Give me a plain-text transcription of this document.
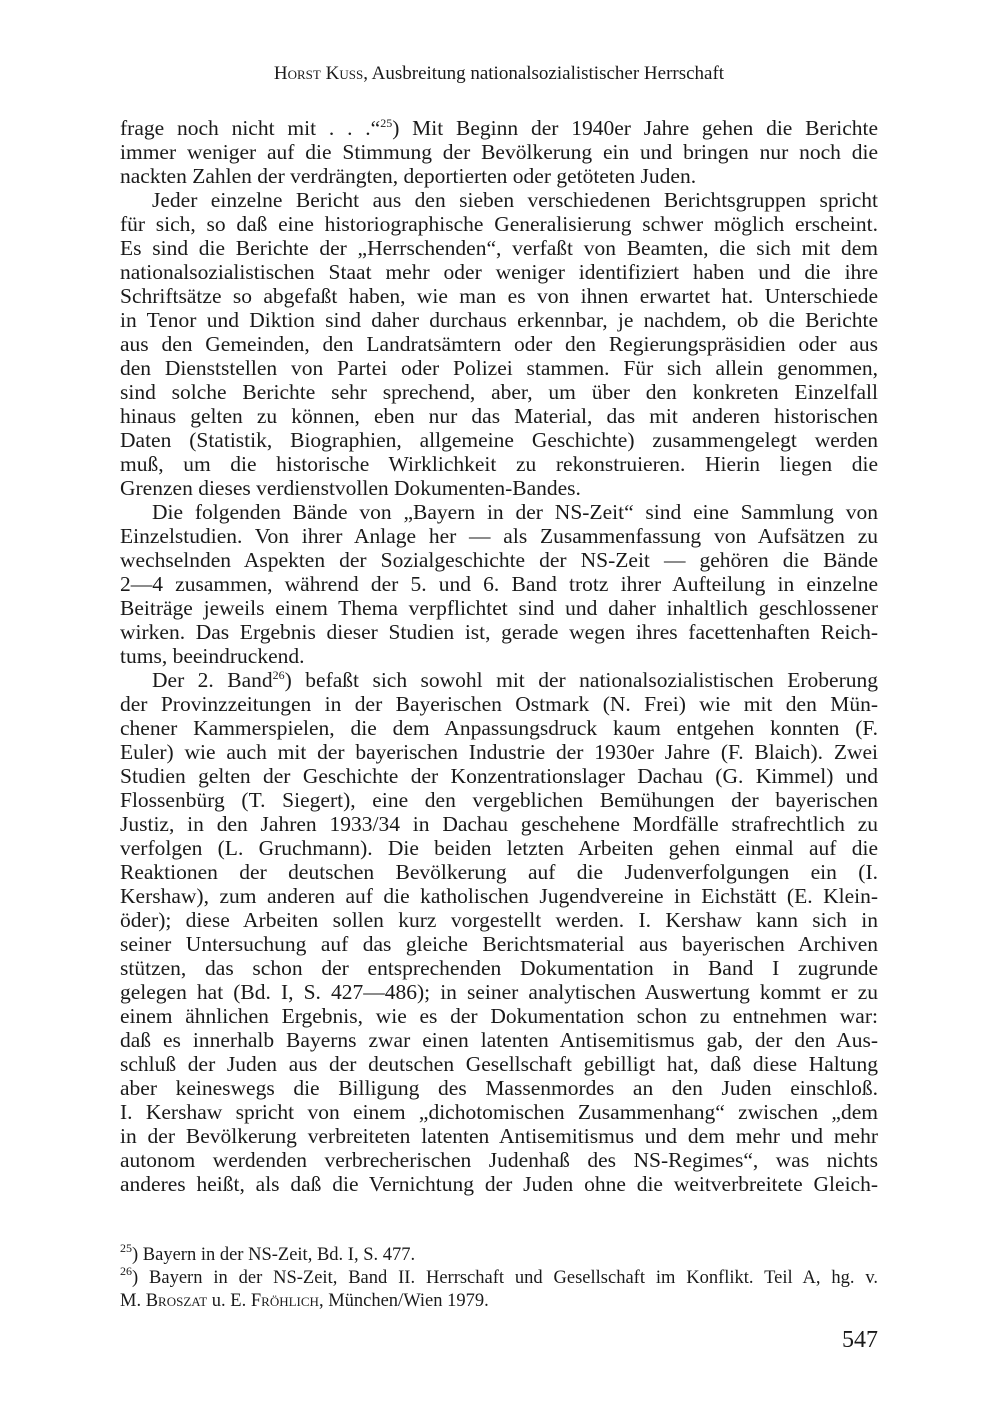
Horst Kuss, Ausbreitung nationalsozialistischer Herrschaft
frage noch nicht mit . . .“$^{25}$) Mit Beginn der 1940er Jahre gehen die Berichte
immer weniger auf die Stimmung der Bevölkerung ein und bringen nur noch die
nackten Zahlen der verdrängten, deportierten oder getöteten Juden.
Jeder einzelne Bericht aus den sieben verschiedenen Berichtsgruppen spricht
für sich, so daß eine historiographische Generalisierung schwer möglich erscheint.
Es sind die Berichte der „Herrschenden“, verfaßt von Beamten, die sich mit dem
nationalsozialistischen Staat mehr oder weniger identifiziert haben und die ihre
Schriftsätze so abgefaßt haben, wie man es von ihnen erwartet hat. Unterschiede
in Tenor und Diktion sind daher durchaus erkennbar, je nachdem, ob die Berichte
aus den Gemeinden, den Landratsämtern oder den Regierungspräsidien oder aus
den Dienststellen von Partei oder Polizei stammen. Für sich allein genommen,
sind solche Berichte sehr sprechend, aber, um über den konkreten Einzelfall
hinaus gelten zu können, eben nur das Material, das mit anderen historischen
Daten (Statistik, Biographien, allgemeine Geschichte) zusammengelegt werden
muß, um die historische Wirklichkeit zu rekonstruieren. Hierin liegen die
Grenzen dieses verdienstvollen Dokumenten-Bandes.
Die folgenden Bände von „Bayern in der NS-Zeit“ sind eine Sammlung von
Einzelstudien. Von ihrer Anlage her — als Zusammenfassung von Aufsätzen zu
wechselnden Aspekten der Sozialgeschichte der NS-Zeit — gehören die Bände
2—4 zusammen, während der 5. und 6. Band trotz ihrer Aufteilung in einzelne
Beiträge jeweils einem Thema verpflichtet sind und daher inhaltlich geschlossener
wirken. Das Ergebnis dieser Studien ist, gerade wegen ihres facettenhaften Reich-
tums, beeindruckend.
Der 2. Band$^{26}$) befaßt sich sowohl mit der nationalsozialistischen Eroberung
der Provinzzeitungen in der Bayerischen Ostmark (N. Frei) wie mit den Mün-
chener Kammerspielen, die dem Anpassungsdruck kaum entgehen konnten (F.
Euler) wie auch mit der bayerischen Industrie der 1930er Jahre (F. Blaich). Zwei
Studien gelten der Geschichte der Konzentrationslager Dachau (G. Kimmel) und
Flossenbürg (T. Siegert), eine den vergeblichen Bemühungen der bayerischen
Justiz, in den Jahren 1933/34 in Dachau geschehene Mordfälle strafrechtlich zu
verfolgen (L. Gruchmann). Die beiden letzten Arbeiten gehen einmal auf die
Reaktionen der deutschen Bevölkerung auf die Judenverfolgungen ein (I.
Kershaw), zum anderen auf die katholischen Jugendvereine in Eichstätt (E. Klein-
öder); diese Arbeiten sollen kurz vorgestellt werden. I. Kershaw kann sich in
seiner Untersuchung auf das gleiche Berichtsmaterial aus bayerischen Archiven
stützen, das schon der entsprechenden Dokumentation in Band I zugrunde
gelegen hat (Bd. I, S. 427—486); in seiner analytischen Auswertung kommt er zu
einem ähnlichen Ergebnis, wie es der Dokumentation schon zu entnehmen war:
daß es innerhalb Bayerns zwar einen latenten Antisemitismus gab, der den Aus-
schluß der Juden aus der deutschen Gesellschaft gebilligt hat, daß diese Haltung
aber keineswegs die Billigung des Massenmordes an den Juden einschloß.
I. Kershaw spricht von einem „dichotomischen Zusammenhang“ zwischen „dem
in der Bevölkerung verbreiteten latenten Antisemitismus und dem mehr und mehr
autonom werdenden verbrecherischen Judenhaß des NS-Regimes“, was nichts
anderes heißt, als daß die Vernichtung der Juden ohne die weitverbreitete Gleich-
$^{25}$) Bayern in der NS-Zeit, Bd. I, S. 477.
$^{26}$) Bayern in der NS-Zeit, Band II. Herrschaft und Gesellschaft im Konflikt. Teil A, hg. v.
M. Broszat u. E. Fröhlich, München/Wien 1979.
547
